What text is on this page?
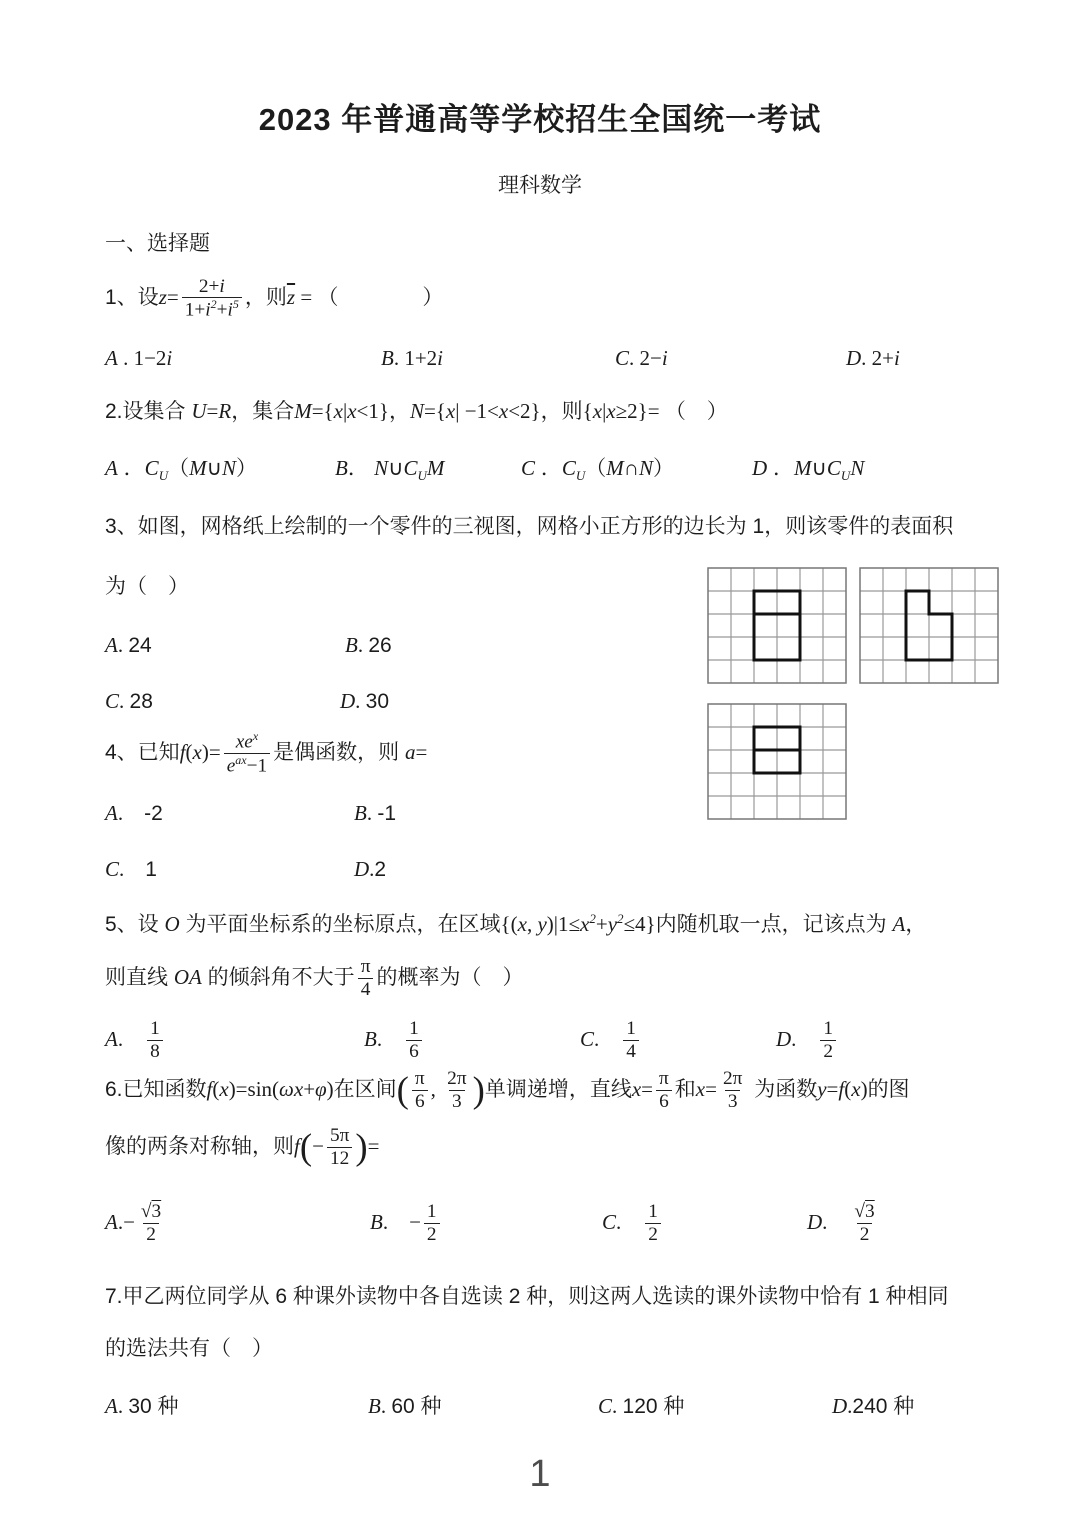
2023 年普通高等学校招生全国统一考试
理科数学
一、选择题
1、设 $z = \frac{2+i}{1+i^2+i^5}$ ，则 $\overline{z}$ = （　　　　）
A . 1−2i	B. 1+2i	C. 2−i	D. 2+i
2.设集合 U=R，集合M={x|x<1}，N={x| −1<x<2}，则{x|x≥2}= （　）
A ．$C_U(M\cup N)$	B． $N\cup C_UM$	C ．$C_U(M\cap N)$	D ．$M\cup C_UN$
3、如图，网格纸上绘制的一个零件的三视图，网格小正方形的边长为 1，则该零件的表面积
为（　）
A. 24	B. 26
C. 28	D. 30
4、已知 f ( x )= $\frac{xe^x}{e^{ax}-1}$ 是偶函数，则 a =
A.　-2	B. -1
C.　1	D.2
5、设 O 为平面坐标系的坐标原点，在区域{(x, $y)|1\le x^2+y^2\le 4$}内随机取一点，记该点为 A，
则直线 OA 的倾斜角不大于 $\frac{\pi}{4}$ 的概率为（　）
A .　 $\frac{1}{8}$	B .　 $\frac{1}{6}$	C .　 $\frac{1}{4}$	D .　 $\frac{1}{2}$
6.已知函数 f ( x )=sin( ωx + φ ) 在区间 ( $\frac{\pi}{6}$ , $\frac{2\pi}{3}$ ) 单调递增，直线 $x = \frac{\pi}{6}$ 和 $x = \frac{2\pi}{3}$ 为函数 y = f ( x ) 的图
像的两条对称轴，则 f ( − $\frac{5\pi}{12}$ ) =
A .− $\frac{√3}{2}$	B .　− $\frac{1}{2}$	C .　 $\frac{1}{2}$	D .　 $\frac{√3}{2}$
7.甲乙两位同学从 6 种课外读物中各自选读 2 种，则这两人选读的课外读物中恰有 1 种相同
的选法共有（　）
A. 30 种	B. 60 种	C. 120 种	D.240 种
1
